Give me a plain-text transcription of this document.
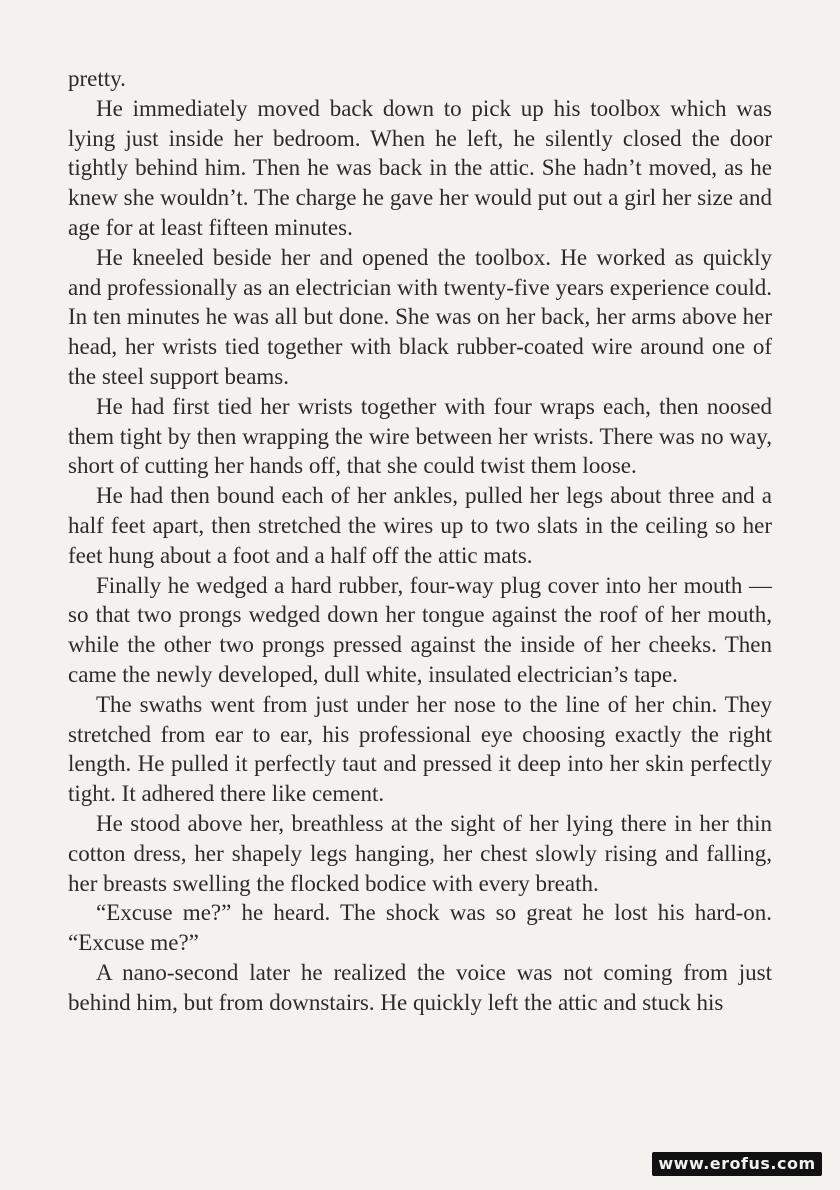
pretty.

He immediately moved back down to pick up his toolbox which was lying just inside her bedroom. When he left, he silently closed the door tightly behind him. Then he was back in the attic. She hadn’t moved, as he knew she wouldn’t. The charge he gave her would put out a girl her size and age for at least fifteen minutes.

He kneeled beside her and opened the toolbox. He worked as quickly and professionally as an electrician with twenty-five years experience could. In ten minutes he was all but done. She was on her back, her arms above her head, her wrists tied together with black rubber-coated wire around one of the steel support beams.

He had first tied her wrists together with four wraps each, then noosed them tight by then wrapping the wire between her wrists. There was no way, short of cutting her hands off, that she could twist them loose.

He had then bound each of her ankles, pulled her legs about three and a half feet apart, then stretched the wires up to two slats in the ceiling so her feet hung about a foot and a half off the attic mats.

Finally he wedged a hard rubber, four-way plug cover into her mouth — so that two prongs wedged down her tongue against the roof of her mouth, while the other two prongs pressed against the inside of her cheeks. Then came the newly developed, dull white, insulated electrician’s tape.

The swaths went from just under her nose to the line of her chin. They stretched from ear to ear, his professional eye choosing exactly the right length. He pulled it perfectly taut and pressed it deep into her skin perfectly tight. It adhered there like cement.

He stood above her, breathless at the sight of her lying there in her thin cotton dress, her shapely legs hanging, her chest slowly rising and falling, her breasts swelling the flocked bodice with every breath.

“Excuse me?” he heard. The shock was so great he lost his hard-on. “Excuse me?”

A nano-second later he realized the voice was not coming from just behind him, but from downstairs. He quickly left the attic and stuck his

www.erofus.com
